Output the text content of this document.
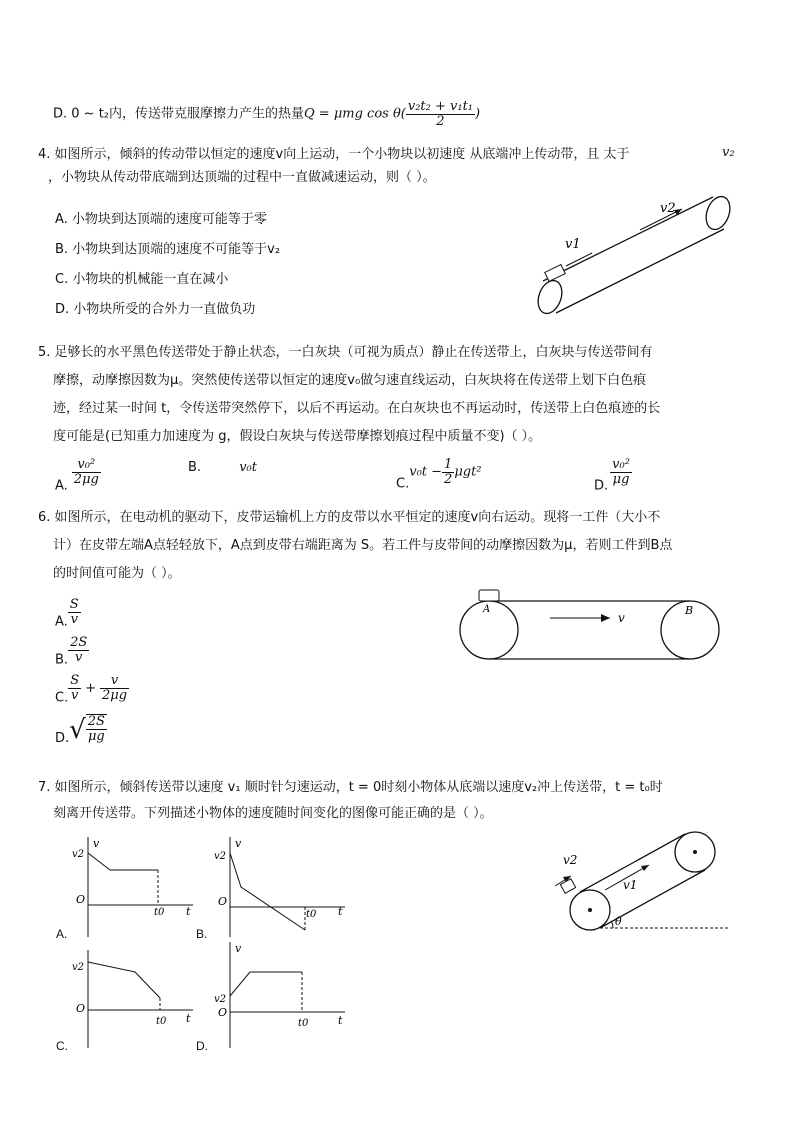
D. 0 ~ t₂内，传送带克服摩擦力产生的热量Q = μmg $\cos \theta( \frac{\text{v₂t₂ + v₁t₁}}{2}$ )
4. 如图所示，倾斜的传动带以恒定的速度v向上运动，一个小物块以初速度 从底端冲上传动带，且 太于	v₂
，小物块从传动带底端到达顶端的过程中一直做减速运动，则（ ）。
A. 小物块到达顶端的速度可能等于零
B. 小物块到达顶端的速度不可能等于v₂
C. 小物块的机械能一直在减小
D. 小物块所受的合外力一直做负功
v1
v2
5. 足够长的水平黑色传送带处于静止状态，一白灰块（可视为质点）静止在传送带上，白灰块与传送带间有
摩擦，动摩擦因数为μ。突然使传送带以恒定的速度v₀做匀速直线运动，白灰块将在传送带上划下白色痕
迹，经过某一时间 t，令传送带突然停下，以后不再运动。在白灰块也不再运动时，传送带上白色痕迹的长
度可能是(已知重力加速度为 g，假设白灰块与传送带摩擦划痕过程中质量不变)（ ）。
A. $\frac{\text{v₀²}}{2\mu g}$	B.	v₀t
$C.v_0t - \frac{1}{2} \mu gt^2$
D. $\frac{\text{v₀²}}{\mu g}$
6. 如图所示，在电动机的驱动下，皮带运输机上方的皮带以水平恒定的速度v向右运动。现将一工件（大小不
计）在皮带左端A点轻轻放下，A点到皮带右端距离为 S。若工件与皮带间的动摩擦因数为μ，若则工件到B点
的时间值可能为（ ）。
A. $\frac{S}{v}$
B. $\frac{2S}{v}$
C. $\frac{S}{v} + \frac{v}{2\mu g}$
$D.√ \frac{2S}{\mu g}$
A	B
v
7. 如图所示，倾斜传送带以速度 v₁ 顺时针匀速运动，t = 0时刻小物体从底端以速度v₂冲上传送带，t = t₀时
刻离开传送带。下列描述小物体的速度随时间变化的图像可能正确的是（ ）。
v
v2
O
t0 t
A.
v
v2
O
t0 t
B.
v2
O
t0 t
C.
v
v2
O
t0	t
D.
v2
v1
θ
